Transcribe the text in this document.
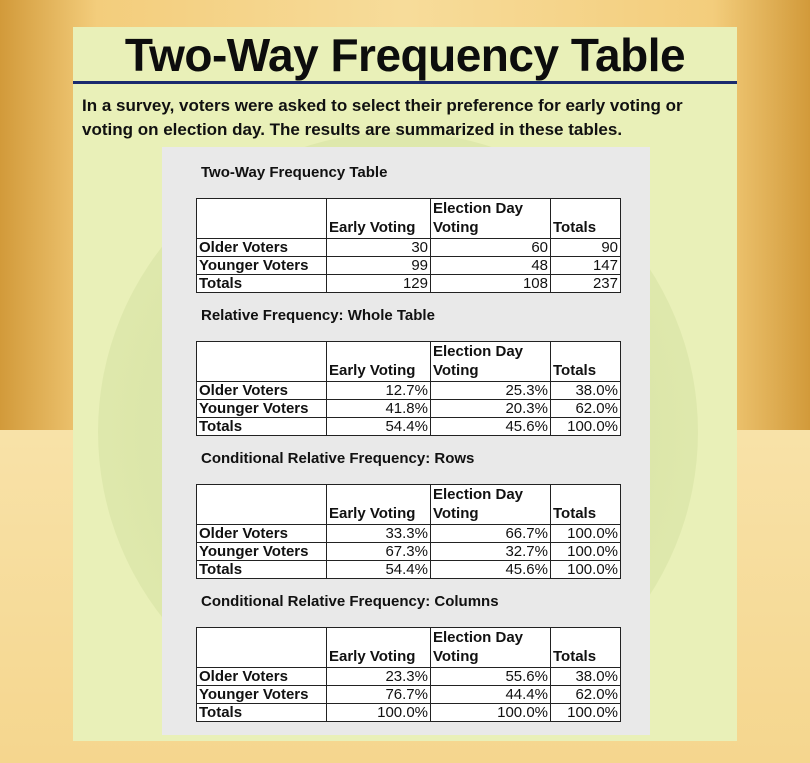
Two-Way Frequency Table
In a survey, voters were asked to select their preference for early voting or voting on election day. The results are summarized in these tables.
Two-Way Frequency Table
	Early Voting	Election Day Voting	Totals
Older Voters	30	60	90
Younger Voters	99	48	147
Totals	129	108	237
Relative Frequency: Whole Table
	Early Voting	Election Day Voting	Totals
Older Voters	12.7%	25.3%	38.0%
Younger Voters	41.8%	20.3%	62.0%
Totals	54.4%	45.6%	100.0%
Conditional Relative Frequency: Rows
	Early Voting	Election Day Voting	Totals
Older Voters	33.3%	66.7%	100.0%
Younger Voters	67.3%	32.7%	100.0%
Totals	54.4%	45.6%	100.0%
Conditional Relative Frequency: Columns
	Early Voting	Election Day Voting	Totals
Older Voters	23.3%	55.6%	38.0%
Younger Voters	76.7%	44.4%	62.0%
Totals	100.0%	100.0%	100.0%
